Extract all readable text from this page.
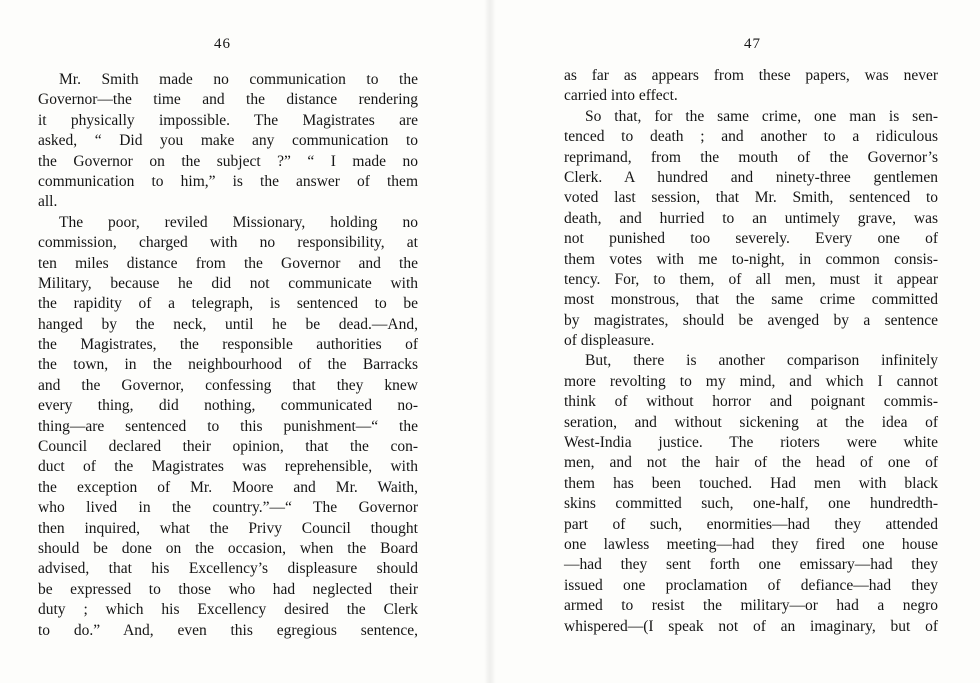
46
Mr. Smith made no communication to the
Governor—the time and the distance rendering
it physically impossible. The Magistrates are
asked, “ Did you make any communication to
the Governor on the subject ?” “ I made no
communication to him,” is the answer of them
all.
The poor, reviled Missionary, holding no
commission, charged with no responsibility, at
ten miles distance from the Governor and the
Military, because he did not communicate with
the rapidity of a telegraph, is sentenced to be
hanged by the neck, until he be dead.—And,
the Magistrates, the responsible authorities of
the town, in the neighbourhood of the Barracks
and the Governor, confessing that they knew
every thing, did nothing, communicated no-
thing—are sentenced to this punishment—“ the
Council declared their opinion, that the con-
duct of the Magistrates was reprehensible, with
the exception of Mr. Moore and Mr. Waith,
who lived in the country.”—“ The Governor
then inquired, what the Privy Council thought
should be done on the occasion, when the Board
advised, that his Excellency’s displeasure should
be expressed to those who had neglected their
duty ; which his Excellency desired the Clerk
to do.” And, even this egregious sentence,
47
as far as appears from these papers, was never
carried into effect.
So that, for the same crime, one man is sen-
tenced to death ; and another to a ridiculous
reprimand, from the mouth of the Governor’s
Clerk. A hundred and ninety-three gentlemen
voted last session, that Mr. Smith, sentenced to
death, and hurried to an untimely grave, was
not punished too severely. Every one of
them votes with me to-night, in common consis-
tency. For, to them, of all men, must it appear
most monstrous, that the same crime committed
by magistrates, should be avenged by a sentence
of displeasure.
But, there is another comparison infinitely
more revolting to my mind, and which I cannot
think of without horror and poignant commis-
seration, and without sickening at the idea of
West-India justice. The rioters were white
men, and not the hair of the head of one of
them has been touched. Had men with black
skins committed such, one-half, one hundredth-
part of such, enormities—had they attended
one lawless meeting—had they fired one house
—had they sent forth one emissary—had they
issued one proclamation of defiance—had they
armed to resist the military—or had a negro
whispered—(I speak not of an imaginary, but of
